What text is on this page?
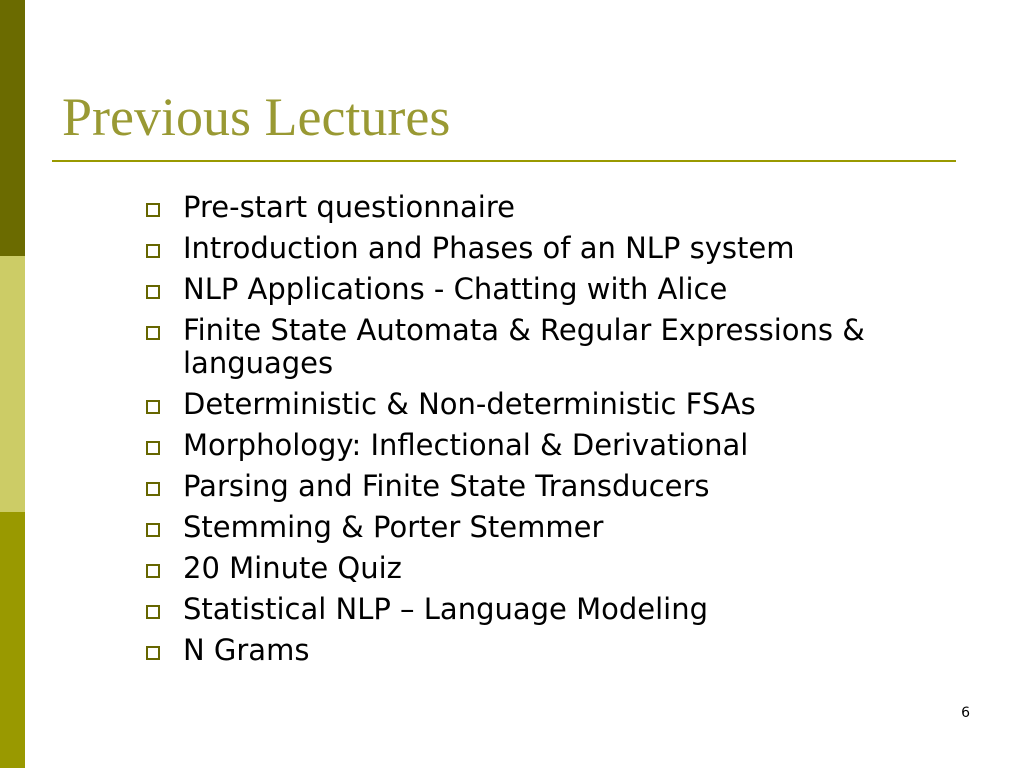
Previous Lectures
Pre-start questionnaire
Introduction and Phases of an NLP system
NLP Applications - Chatting with Alice
Finite State Automata & Regular Expressions & languages
Deterministic & Non-deterministic FSAs
Morphology: Inflectional & Derivational
Parsing and Finite State Transducers
Stemming & Porter Stemmer
20 Minute Quiz
Statistical NLP – Language Modeling
N Grams
6
